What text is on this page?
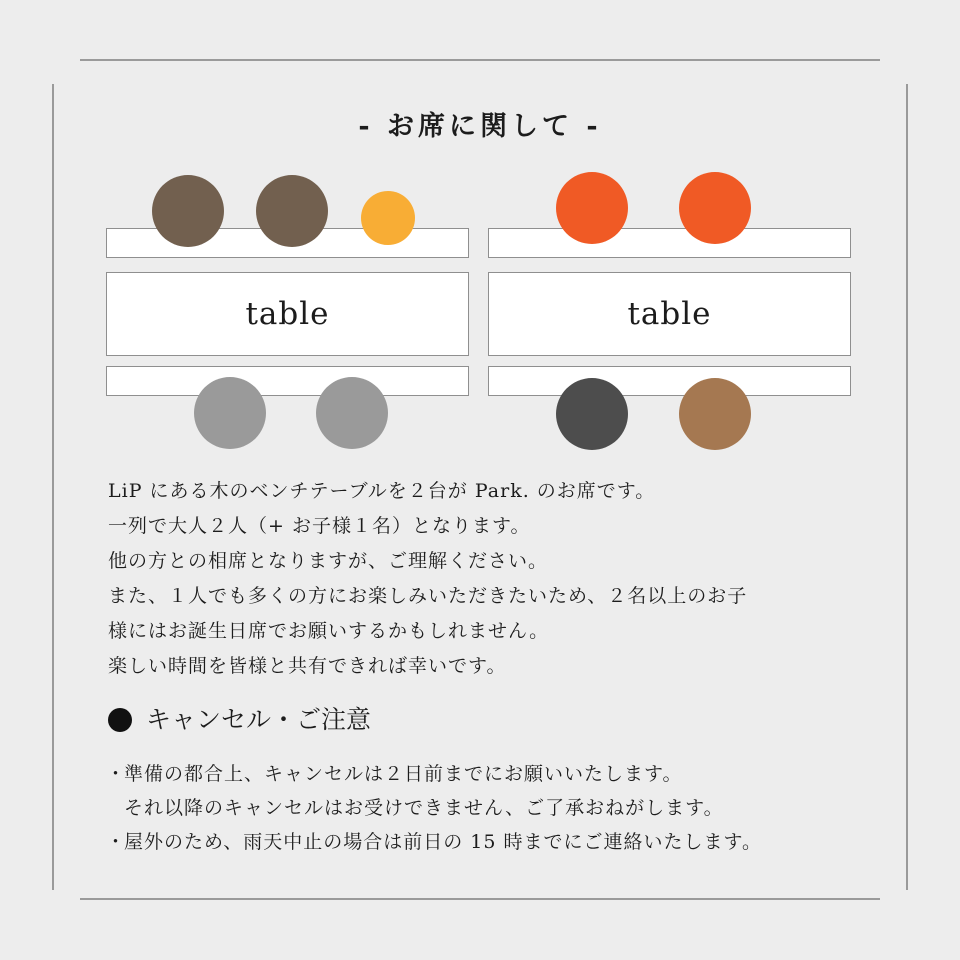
- お席に関して -
table	table

LiP にある木のベンチテーブルを２台が Park. のお席です。

一列で大人２人（+ お子様１名）となります。

他の方との相席となりますが、ご理解ください。

また、１人でも多くの方にお楽しみいただきたいため、２名以上のお子

様にはお誕生日席でお願いするかもしれません。

楽しい時間を皆様と共有できれば幸いです。

キャンセル・ご注意
・

準備の都合上、キャンセルは２日前までにお願いいたします。

それ以降のキャンセルはお受けできません、ご了承おねがします。

・

屋外のため、雨天中止の場合は前日の 15 時までにご連絡いたします。
